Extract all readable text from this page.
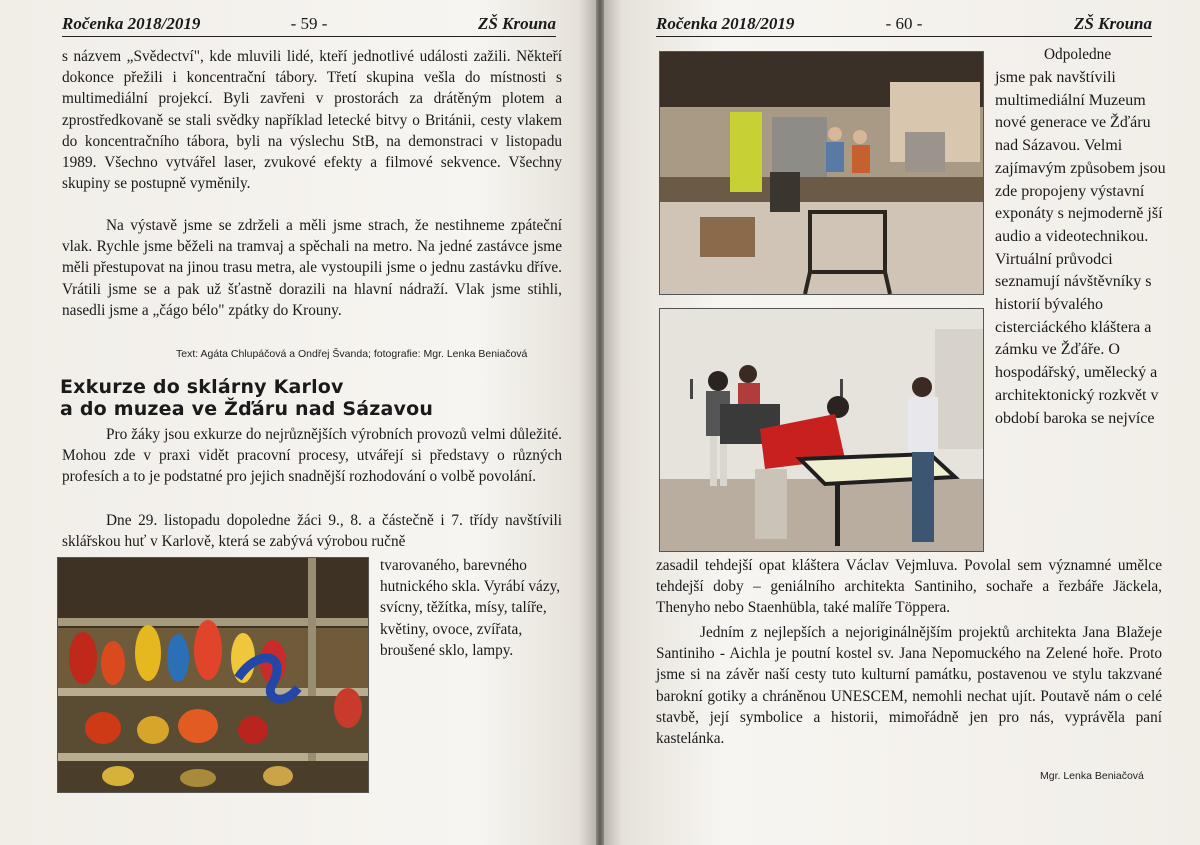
Ročenka 2018/2019	- 59 -	ZŠ Krouna

s názvem „Svědectví", kde mluvili lidé, kteří jednotlivé události zažili. Někteří dokonce přežili i koncentrační tábory. Třetí skupina vešla do místnosti s multimediální projekcí. Byli zavřeni v prostorách za drátěným plotem a zprostředkovaně se stali svědky například letecké bitvy o Británii, cesty vlakem do koncentračního tábora, byli na výslechu StB, na demonstraci v listopadu 1989. Všechno vytvářel laser, zvukové efekty a filmové sekvence. Všechny skupiny se postupně vyměnily.

Na výstavě jsme se zdrželi a měli jsme strach, že nestihneme zpáteční vlak. Rychle jsme běželi na tramvaj a spěchali na metro. Na jedné zastávce jsme měli přestupovat na jinou trasu metra, ale vystoupili jsme o jednu zastávku dříve. Vrátili jsme se a pak už šťastně dorazili na hlavní nádraží. Vlak jsme stihli, nasedli jsme a „čágo bélo" zpátky do Krouny.

Text: Agáta Chlupáčová a Ondřej Švanda; fotografie: Mgr. Lenka Beniačová
Exkurze do sklárny Karlov
a do muzea ve Žďáru nad Sázavou

Pro žáky jsou exkurze do nejrůznějších výrobních provozů velmi důležité. Mohou zde v praxi vidět pracovní procesy, utvářejí si představy o různých profesích a to je podstatné pro jejich snadnější rozhodování o volbě povolání.

Dne 29. listopadu dopoledne žáci 9., 8. a částečně i 7. třídy navštívili sklářskou huť v Karlově, která se zabývá výrobou ručně

tvarovaného, barevného hutnického skla. Vyrábí vázy, svícny, těžítka, mísy, talíře, květiny, ovoce, zvířata, broušené sklo, lampy.

Ročenka 2018/2019	- 60 -	ZŠ Krouna

Odpoledne

jsme pak navštívili multimediální Muzeum nové generace ve Žďáru nad Sázavou. Velmi zajímavým způsobem jsou zde propojeny výstavní exponáty s nejmoderně jší audio a videotechnikou. Virtuální průvodci seznamují návštěvníky s historií bývalého cisterciáckého kláštera a zámku ve Žďáře. O hospodářský, umělecký a architektonický rozkvět v období baroka se nejvíce

zasadil tehdejší opat kláštera Václav Vejmluva. Povolal sem významné umělce tehdejší doby – geniálního architekta Santiniho, sochaře a řezbáře Jäckela, Thenyho nebo Staenhübla, také malíře Töppera.

Jedním z nejlepších a nejoriginálnějším projektů architekta Jana Blažeje Santiniho - Aichla je poutní kostel sv. Jana Nepomuckého na Zelené hoře. Proto jsme si na závěr naší cesty tuto kulturní památku, postavenou ve stylu takzvané barokní gotiky a chráněnou UNESCEM, nemohli nechat ujít. Poutavě nám o celé stavbě, její symbolice a historii, mimořádně jen pro nás, vyprávěla paní kastelánka.

Mgr. Lenka Beniačová
